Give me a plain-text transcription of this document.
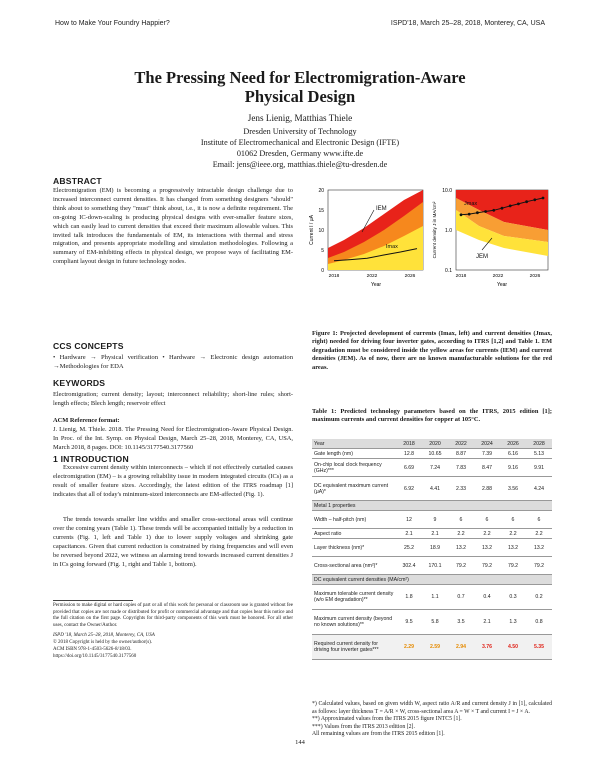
How to Make Your Foundry Happier?	ISPD'18, March 25–28, 2018, Monterey, CA, USA
The Pressing Need for Electromigration-Aware
Physical Design
Jens Lienig, Matthias Thiele
Dresden University of Technology
Institute of Electromechanical and Electronic Design (IFTE)
01062 Dresden, Germany www.ifte.de
Email: jens@ieee.org, matthias.thiele@tu-dresden.de
ABSTRACT
Electromigration (EM) is becoming a progressively intractable design challenge due to increased interconnect current densities. It has changed from something designers "should" think about to something they "must" think about, i.e., it is now a definite requirement. The on-going IC-down-scaling is producing physical designs with ever-smaller feature sizes, which can easily lead to current densities that exceed their maximum allowable values. This invited talk introduces the fundamentals of EM, its interactions with thermal and stress migration, and presents appropriate modelling and simulation methodologies. Following a summary of EM-inhibiting effects in physical design, we propose ways of facilitating EM-compliant layout design in future technology nodes.
CCS CONCEPTS
• Hardware → Physical verification • Hardware → Electronic design automation →Methodologies for EDA
KEYWORDS
Electromigration; current density; layout; interconnect reliability; short-line rules; short-length effects; Blech length; reservoir effect
ACM Reference format:
J. Lienig, M. Thiele. 2018. The Pressing Need for Electromigration-Aware Physical Design. In Proc. of the Int. Symp. on Physical Design, March 25–28, 2018, Monterey, CA, USA, March 2018, 8 pages. DOI: 10.1145/3177540.3177560
1 INTRODUCTION
Excessive current density within interconnects – which if not effectively curtailed causes electromigration (EM) – is a growing reliability issue in modern integrated circuits (ICs) as a result of smaller feature sizes. Accordingly, the latest edition of the ITRS roadmap [1] indicates that all of today's minimum-sized interconnects are EM-affected (Fig. 1).
The trends towards smaller line widths and smaller cross-sectional areas will continue over the coming years (Table 1). These trends will be accompanied initially by a reduction in currents (Fig. 1, left and Table 1) due to lower supply voltages and shrinking gate capacitances. Given that current reduction is constrained by rising frequencies and will even be reversed beyond 2022, we witness an alarming trend towards increased current densities J in ICs going forward (Fig. 1, right and Table 1, bottom).
Permission to make digital or hard copies of part or all of this work for personal or classroom use is granted without fee provided that copies are not made or distributed for profit or commercial advantage and that copies bear this notice and the full citation on the first page. Copyrights for third-party components of this work must be honored. For all other uses, contact the Owner/Author.
ISPD '18, March 25–28, 2018, Monterey, CA, USA
© 2018 Copyright is held by the owner/author(s).
ACM ISBN 978-1-4503-5626-8/18/03.
https://doi.org/10.1145/3177540.3177560
IEM
Imax
0
5
10
15
20
2018	2022	2026
Year
Current I / μA
Jmax
JEM
0.1
1.0
10.0
2018	2022	2026
Year
Current density J in MA/cm²
Figure 1: Projected development of currents (Imax, left) and current densities (Jmax, right) needed for driving four inverter gates, according to ITRS [1,2] and Table 1. EM degradation must be considered inside the yellow areas for currents (IEM) and current densities (JEM). As of now, there are no known manufacturable solutions for the red areas.
Table 1: Predicted technology parameters based on the ITRS, 2015 edition [1]; maximum currents and current densities for copper at 105°C.
Year	2018	2020	2022	2024	2026	2028
Gate length (nm)	12.8	10.65	8.87	7.39	6.16	5.13
On-chip local clock frequency (GHz)***	6.69	7.24	7.83	8.47	9.16	9.91
DC equivalent maximum current (μA)*	6.92	4.41	2.33	2.88	3.56	4.24
Metal 1 properties						
Width – half-pitch (nm)	12	9	6	6	6	6
Aspect ratio	2.1	2.1	2.2	2.2	2.2	2.2
Layer thickness (nm)*	25.2	18.9	13.2	13.2	13.2	13.2
Cross-sectional area (nm²)*	302.4	170.1	79.2	79.2	79.2	79.2
DC equivalent current densities (MA/cm²)						
Maximum tolerable current density (w/o EM degradation)**	1.8	1.1	0.7	0.4	0.3	0.2
Maximum current density (beyond no known solutions)**	9.5	5.8	3.5	2.1	1.3	0.8
Required current density for driving four inverter gates***	2.29	2.59	2.94	3.76	4.50	5.35
*) Calculated values, based on given width W, aspect ratio A/R and current density J in [1], calculated as follows: layer thickness T = A/R × W, cross-sectional area A = W × T and current I = J × A.
**) Approximated values from the ITRS 2015 figure INTC5 [1].
***) Values from the ITRS 2013 edition [2].
All remaining values are from the ITRS 2015 edition [1].
144
